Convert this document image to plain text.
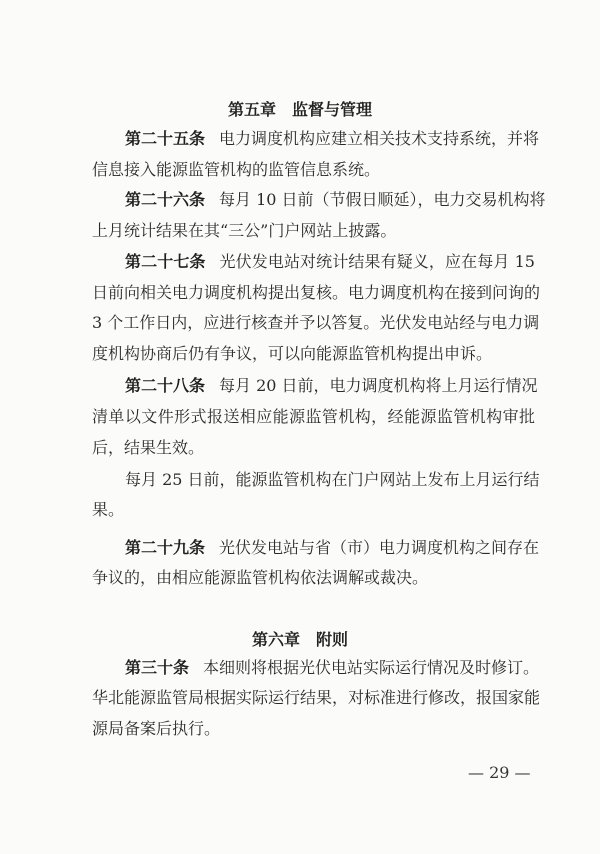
第五章 监督与管理
第二十五条 电力调度机构应建立相关技术支持系统，并将
信息接入能源监管机构的监管信息系统。
第二十六条 每月 10 日前（节假日顺延），电力交易机构将
上月统计结果在其“三公”门户网站上披露。
第二十七条 光伏发电站对统计结果有疑义，应在每月 15
日前向相关电力调度机构提出复核。电力调度机构在接到问询的
3 个工作日内，应进行核查并予以答复。光伏发电站经与电力调
度机构协商后仍有争议，可以向能源监管机构提出申诉。
第二十八条 每月 20 日前，电力调度机构将上月运行情况
清单以文件形式报送相应能源监管机构，经能源监管机构审批
后，结果生效。
每月 25 日前，能源监管机构在门户网站上发布上月运行结
果。
第二十九条 光伏发电站与省（市）电力调度机构之间存在
争议的，由相应能源监管机构依法调解或裁决。
第六章 附则
第三十条 本细则将根据光伏电站实际运行情况及时修订。
华北能源监管局根据实际运行结果，对标准进行修改，报国家能
源局备案后执行。
— 29 —
